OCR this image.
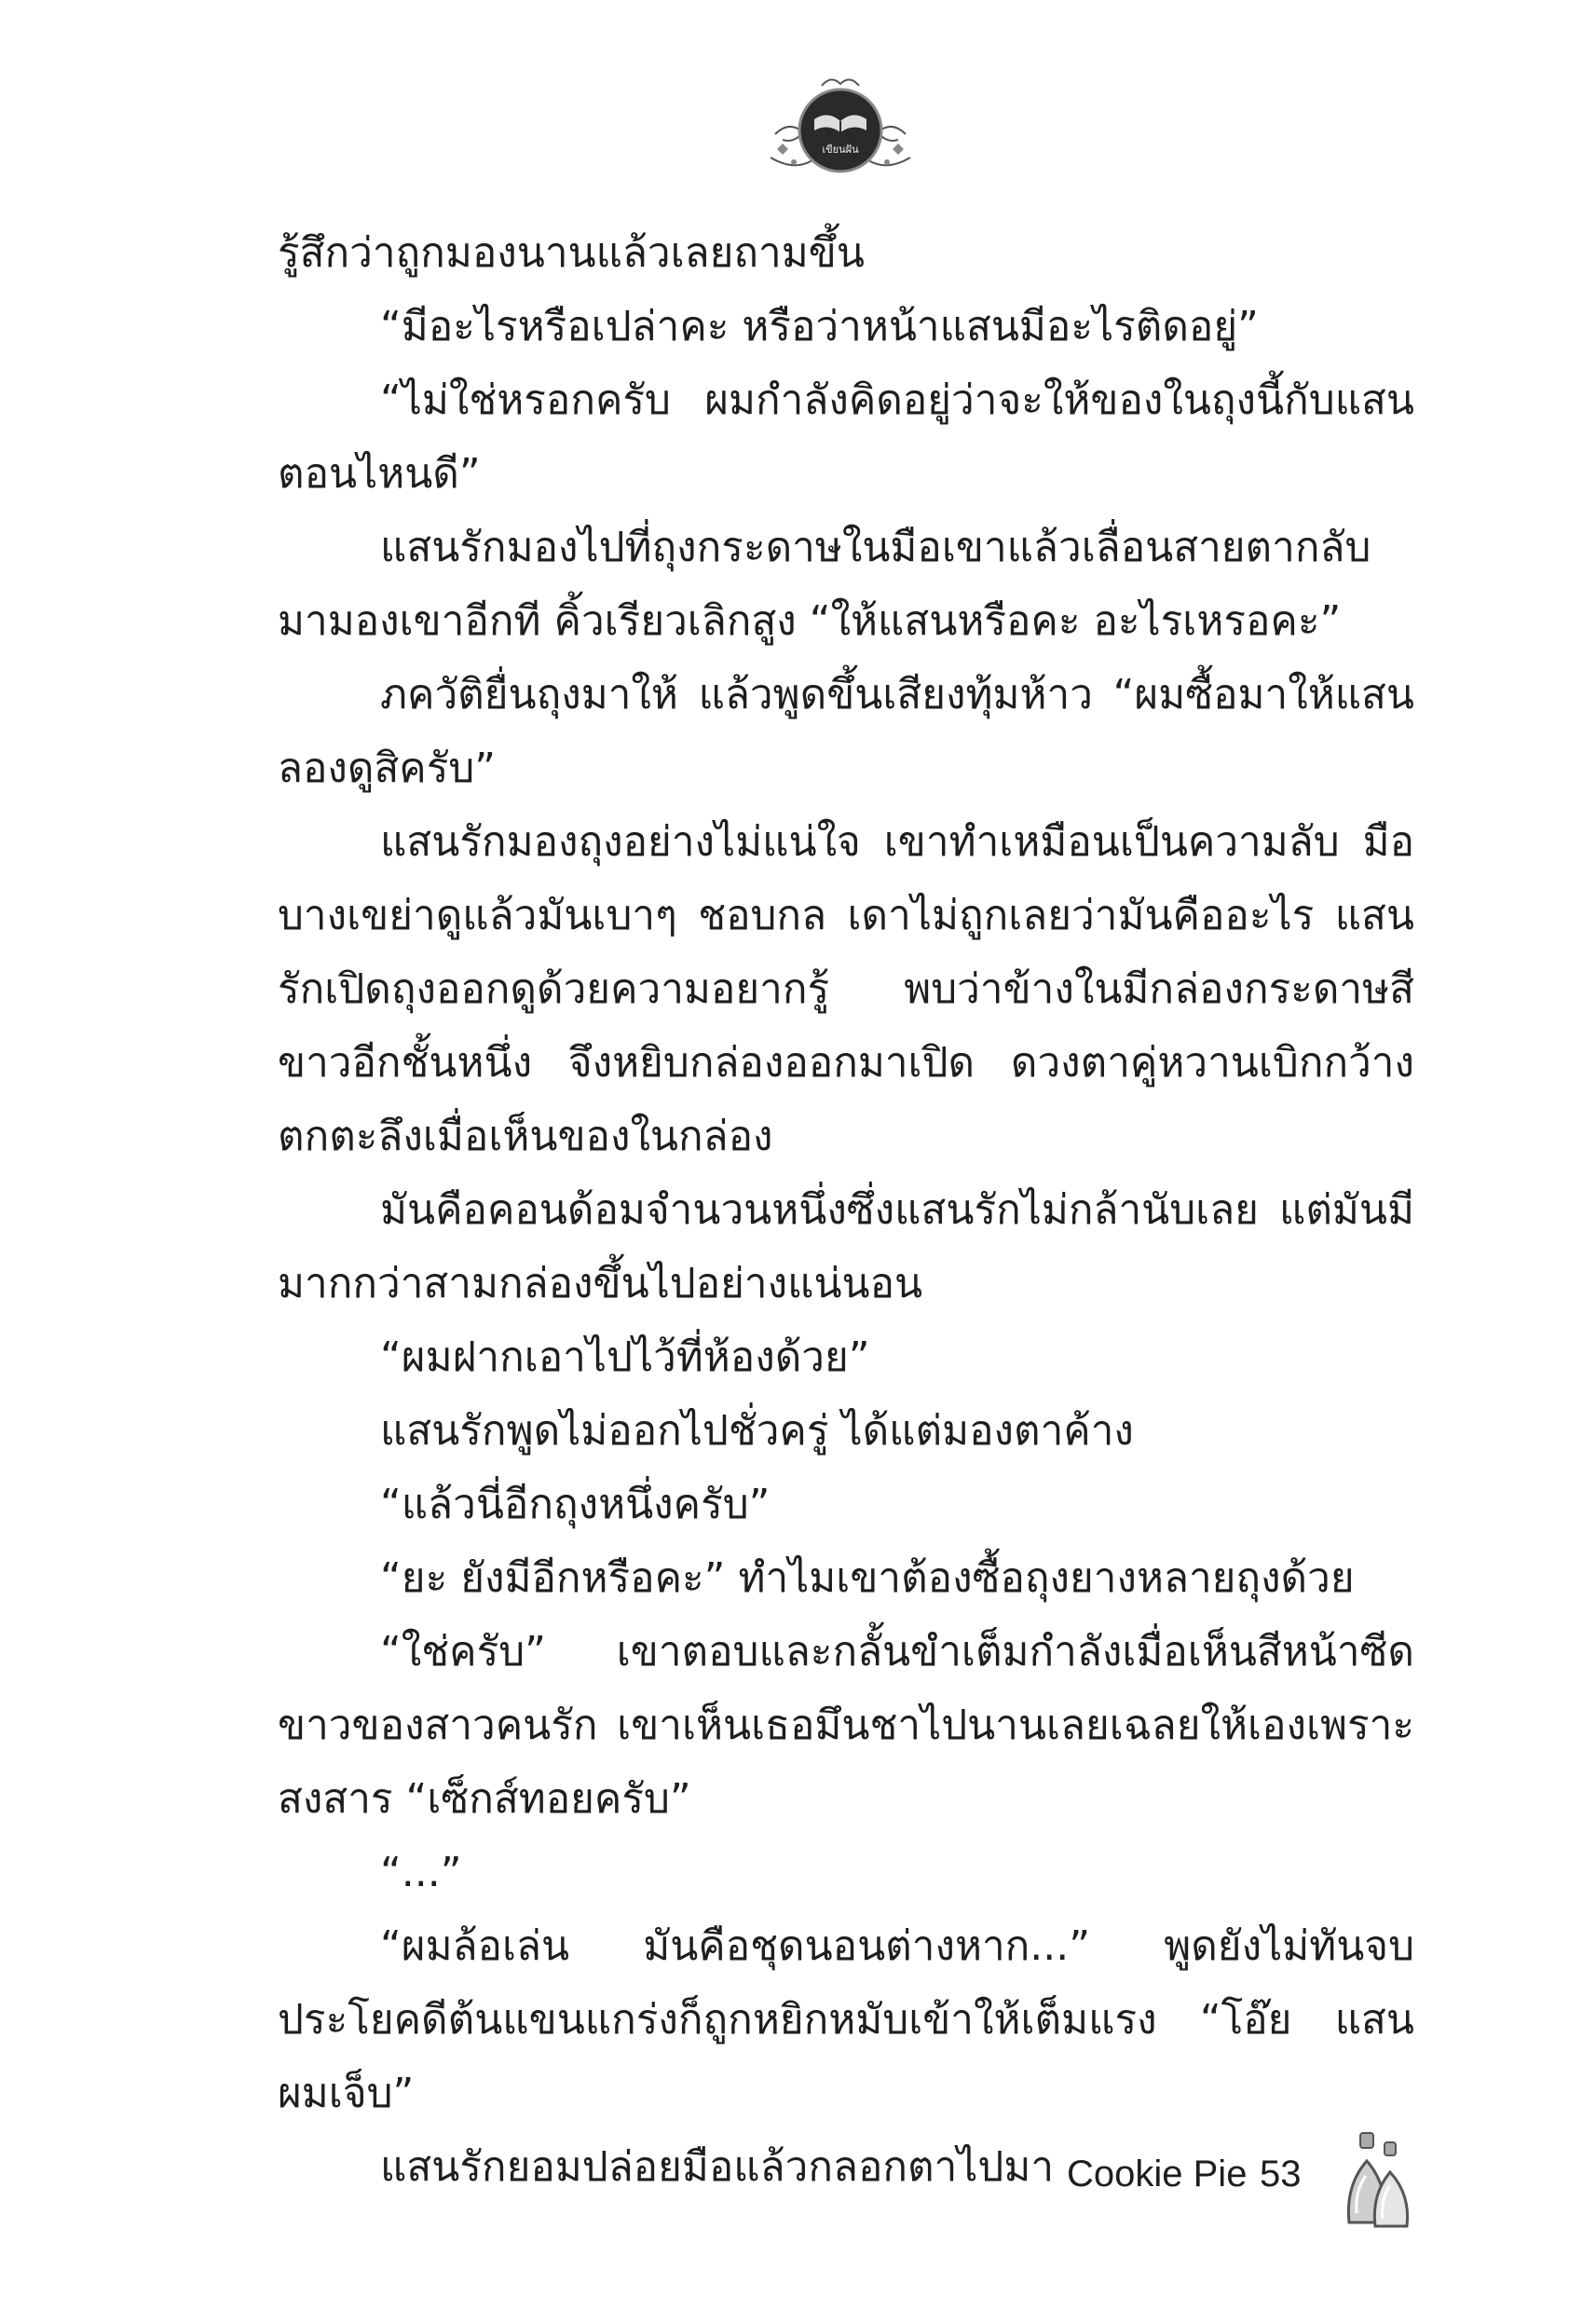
เขียนฝัน

รู้สึกว่าถูกมองนานแล้วเลยถามขึ้น

“มีอะไรหรือเปล่าคะ หรือว่าหน้าแสนมีอะไรติดอยู่”

“ไม่ใช่หรอกครับ ผมกำลังคิดอยู่ว่าจะให้ของในถุงนี้กับแสนตอนไหนดี”

แสนรักมองไปที่ถุงกระดาษในมือเขาแล้วเลื่อนสายตากลับมามองเขาอีกที คิ้วเรียวเลิกสูง “ให้แสนหรือคะ อะไรเหรอคะ”

ภควัติยื่นถุงมาให้ แล้วพูดขึ้นเสียงทุ้มห้าว “ผมซื้อมาให้แสนลองดูสิครับ”

แสนรักมองถุงอย่างไม่แน่ใจ เขาทำเหมือนเป็นความลับ มือบางเขย่าดูแล้วมันเบาๆ ชอบกล เดาไม่ถูกเลยว่ามันคืออะไร แสนรักเปิดถุงออกดูด้วยความอยากรู้ พบว่าข้างในมีกล่องกระดาษสีขาวอีกชั้นหนึ่ง จึงหยิบกล่องออกมาเปิด ดวงตาคู่หวานเบิกกว้างตกตะลึงเมื่อเห็นของในกล่อง

มันคือคอนด้อมจำนวนหนึ่งซึ่งแสนรักไม่กล้านับเลย แต่มันมีมากกว่าสามกล่องขึ้นไปอย่างแน่นอน

“ผมฝากเอาไปไว้ที่ห้องด้วย”

แสนรักพูดไม่ออกไปชั่วครู่ ได้แต่มองตาค้าง

“แล้วนี่อีกถุงหนึ่งครับ”

“ยะ ยังมีอีกหรือคะ” ทำไมเขาต้องซื้อถุงยางหลายถุงด้วย

“ใช่ครับ” เขาตอบและกลั้นขำเต็มกำลังเมื่อเห็นสีหน้าซีดขาวของสาวคนรัก เขาเห็นเธอมึนชาไปนานเลยเฉลยให้เองเพราะสงสาร “เซ็กส์ทอยครับ”

“...”

“ผมล้อเล่น มันคือชุดนอนต่างหาก...” พูดยังไม่ทันจบประโยคดีต้นแขนแกร่งก็ถูกหยิกหมับเข้าให้เต็มแรง “โอ๊ย แสน ผมเจ็บ”

แสนรักยอมปล่อยมือแล้วกลอกตาไปมา Cookie Pie 53
